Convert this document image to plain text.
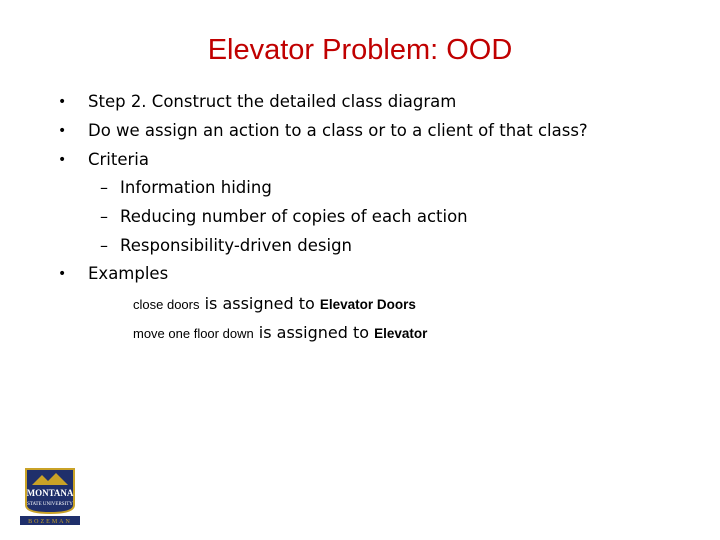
Elevator Problem: OOD
• Step 2. Construct the detailed class diagram
• Do we assign an action to a class or to a client of that class?
• Criteria
– Information hiding
– Reducing number of copies of each action
– Responsibility-driven design
• Examples
close doors is assigned to Elevator Doors
move one floor down is assigned to Elevator
MONTANA
STATE UNIVERSITY
BOZEMAN
